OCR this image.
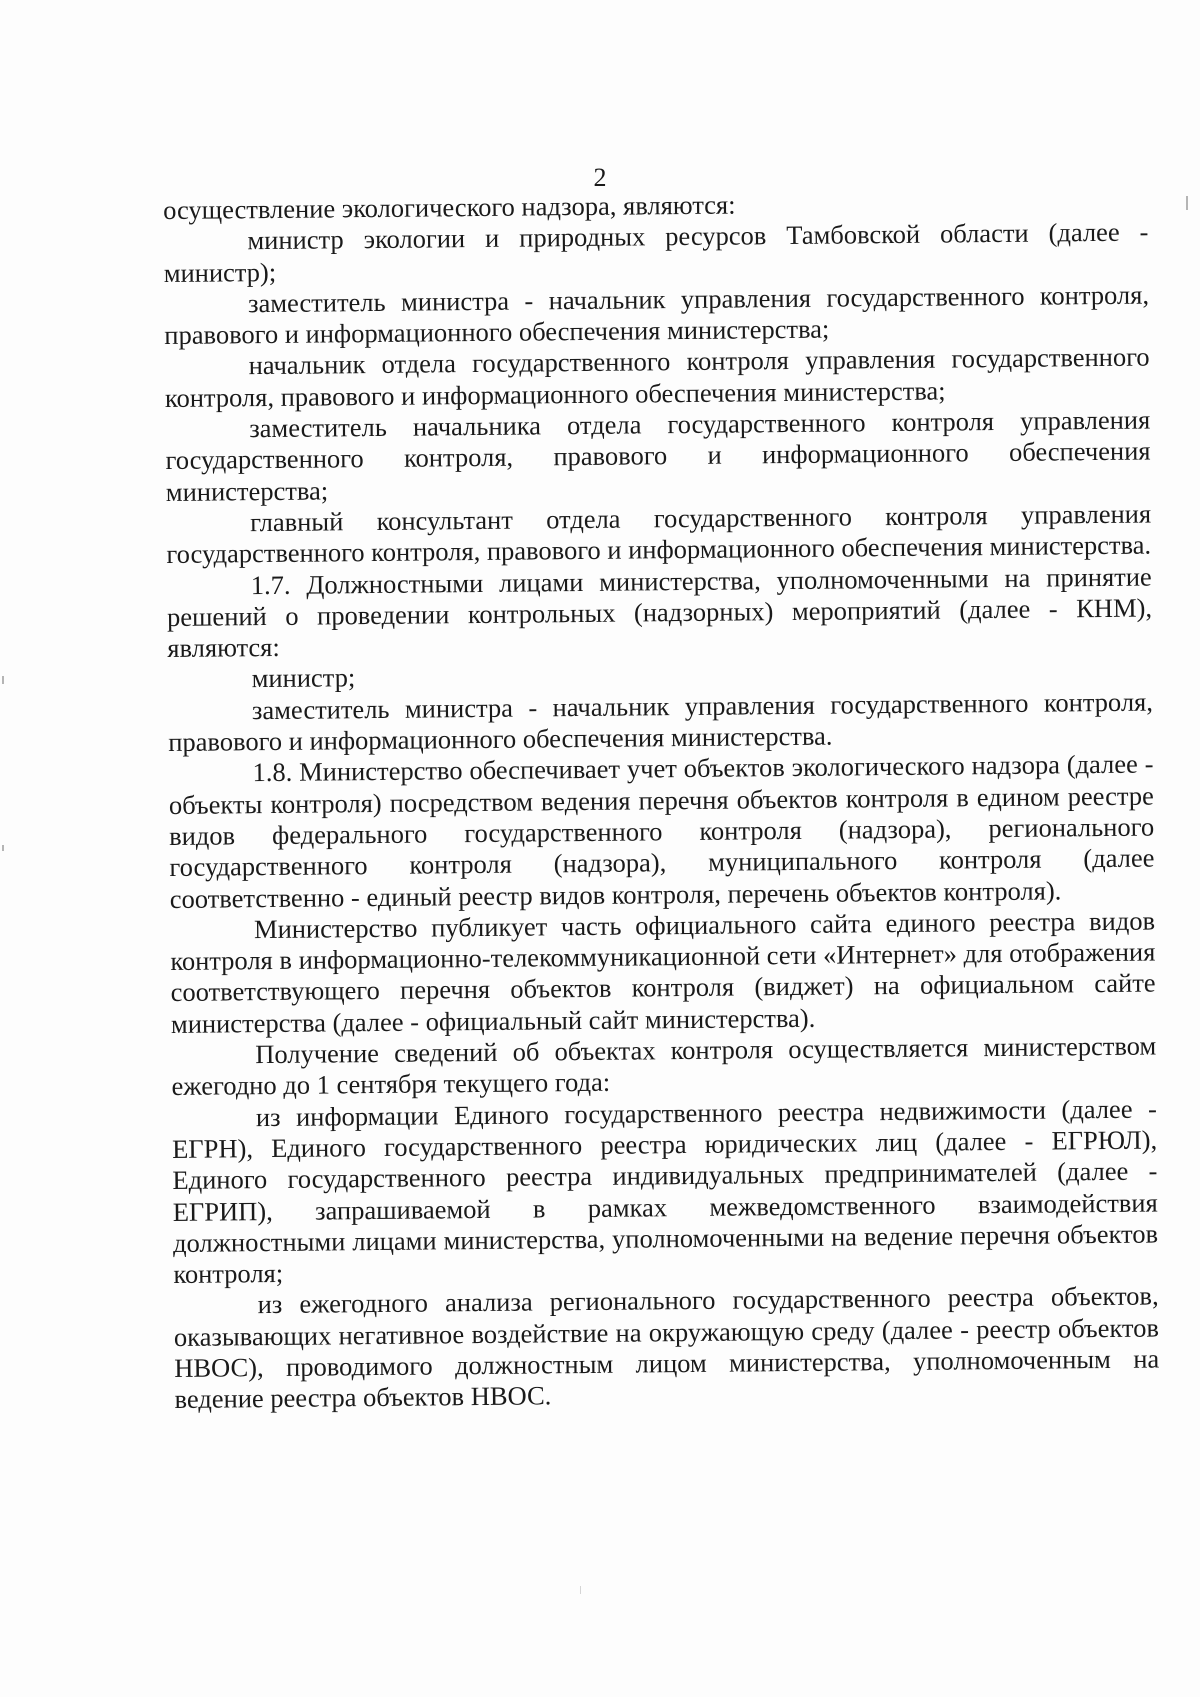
2

осуществление экологического надзора, являются:

министр экологии и природных ресурсов Тамбовской области (далее - министр);

заместитель министра - начальник управления государственного контроля, правового и информационного обеспечения министерства;

начальник отдела государственного контроля управления государственного контроля, правового и информационного обеспечения министерства;

заместитель начальника отдела государственного контроля управления государственного контроля, правового и информационного обеспечения министерства;

главный консультант отдела государственного контроля управления государственного контроля, правового и информационного обеспечения министерства.

1.7. Должностными лицами министерства, уполномоченными на принятие решений о проведении контрольных (надзорных) мероприятий (далее - КНМ), являются:

министр;

заместитель министра - начальник управления государственного контроля, правового и информационного обеспечения министерства.

1.8. Министерство обеспечивает учет объектов экологического надзора (далее - объекты контроля) посредством ведения перечня объектов контроля в едином реестре видов федерального государственного контроля (надзора), регионального государственного контроля (надзора), муниципального контроля (далее соответственно - единый реестр видов контроля, перечень объектов контроля).

Министерство публикует часть официального сайта единого реестра видов контроля в информационно-телекоммуникационной сети «Интернет» для отображения соответствующего перечня объектов контроля (виджет) на официальном сайте министерства (далее - официальный сайт министерства).

Получение сведений об объектах контроля осуществляется министерством ежегодно до 1 сентября текущего года:

из информации Единого государственного реестра недвижимости (далее - ЕГРН), Единого государственного реестра юридических лиц (далее - ЕГРЮЛ), Единого государственного реестра индивидуальных предпринимателей (далее - ЕГРИП), запрашиваемой в рамках межведомственного взаимодействия должностными лицами министерства, уполномоченными на ведение перечня объектов контроля;

из ежегодного анализа регионального государственного реестра объектов, оказывающих негативное воздействие на окружающую среду (далее - реестр объектов НВОС), проводимого должностным лицом министерства, уполномоченным на ведение реестра объектов НВОС.
